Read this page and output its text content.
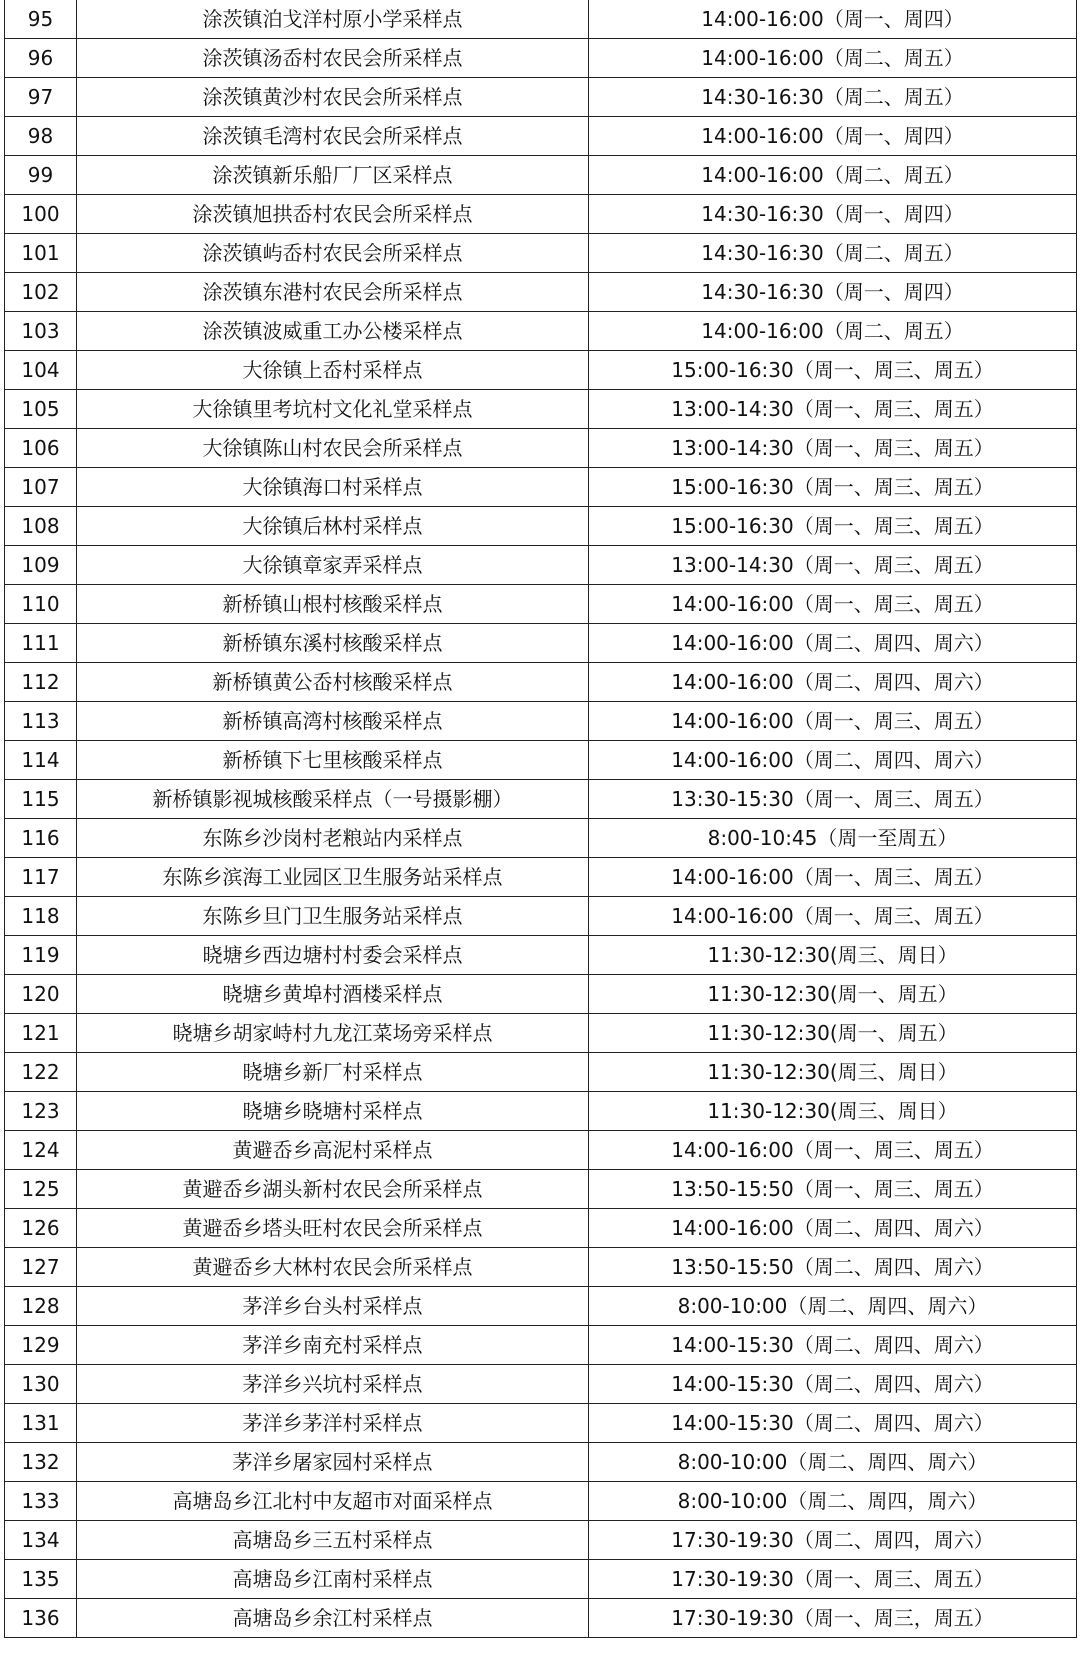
95	涂茨镇泊戈洋村原小学采样点	14:00-16:00（周一、周四）
96	涂茨镇汤岙村农民会所采样点	14:00-16:00（周二、周五）
97	涂茨镇黄沙村农民会所采样点	14:30-16:30（周二、周五）
98	涂茨镇毛湾村农民会所采样点	14:00-16:00（周一、周四）
99	涂茨镇新乐船厂厂区采样点	14:00-16:00（周二、周五）
100	涂茨镇旭拱岙村农民会所采样点	14:30-16:30（周一、周四）
101	涂茨镇屿岙村农民会所采样点	14:30-16:30（周二、周五）
102	涂茨镇东港村农民会所采样点	14:30-16:30（周一、周四）
103	涂茨镇波威重工办公楼采样点	14:00-16:00（周二、周五）
104	大徐镇上岙村采样点	15:00-16:30（周一、周三、周五）
105	大徐镇里考坑村文化礼堂采样点	13:00-14:30（周一、周三、周五）
106	大徐镇陈山村农民会所采样点	13:00-14:30（周一、周三、周五）
107	大徐镇海口村采样点	15:00-16:30（周一、周三、周五）
108	大徐镇后林村采样点	15:00-16:30（周一、周三、周五）
109	大徐镇章家弄采样点	13:00-14:30（周一、周三、周五）
110	新桥镇山根村核酸采样点	14:00-16:00（周一、周三、周五）
111	新桥镇东溪村核酸采样点	14:00-16:00（周二、周四、周六）
112	新桥镇黄公岙村核酸采样点	14:00-16:00（周二、周四、周六）
113	新桥镇高湾村核酸采样点	14:00-16:00（周一、周三、周五）
114	新桥镇下七里核酸采样点	14:00-16:00（周二、周四、周六）
115	新桥镇影视城核酸采样点（一号摄影棚）	13:30-15:30（周一、周三、周五）
116	东陈乡沙岗村老粮站内采样点	8:00-10:45（周一至周五）
117	东陈乡滨海工业园区卫生服务站采样点	14:00-16:00（周一、周三、周五）
118	东陈乡旦门卫生服务站采样点	14:00-16:00（周一、周三、周五）
119	晓塘乡西边塘村村委会采样点	11:30-12:30(周三、周日）
120	晓塘乡黄埠村酒楼采样点	11:30-12:30(周一、周五）
121	晓塘乡胡家峙村九龙江菜场旁采样点	11:30-12:30(周一、周五）
122	晓塘乡新厂村采样点	11:30-12:30(周三、周日）
123	晓塘乡晓塘村采样点	11:30-12:30(周三、周日）
124	黄避岙乡高泥村采样点	14:00-16:00（周一、周三、周五）
125	黄避岙乡湖头新村农民会所采样点	13:50-15:50（周一、周三、周五）
126	黄避岙乡塔头旺村农民会所采样点	14:00-16:00（周二、周四、周六）
127	黄避岙乡大林村农民会所采样点	13:50-15:50（周二、周四、周六）
128	茅洋乡台头村采样点	8:00-10:00（周二、周四、周六）
129	茅洋乡南充村采样点	14:00-15:30（周二、周四、周六）
130	茅洋乡兴坑村采样点	14:00-15:30（周二、周四、周六）
131	茅洋乡茅洋村采样点	14:00-15:30（周二、周四、周六）
132	茅洋乡屠家园村采样点	8:00-10:00（周二、周四、周六）
133	高塘岛乡江北村中友超市对面采样点	8:00-10:00（周二、周四，周六）
134	高塘岛乡三五村采样点	17:30-19:30（周二、周四，周六）
135	高塘岛乡江南村采样点	17:30-19:30（周一、周三、周五）
136	高塘岛乡余江村采样点	17:30-19:30（周一、周三，周五）
